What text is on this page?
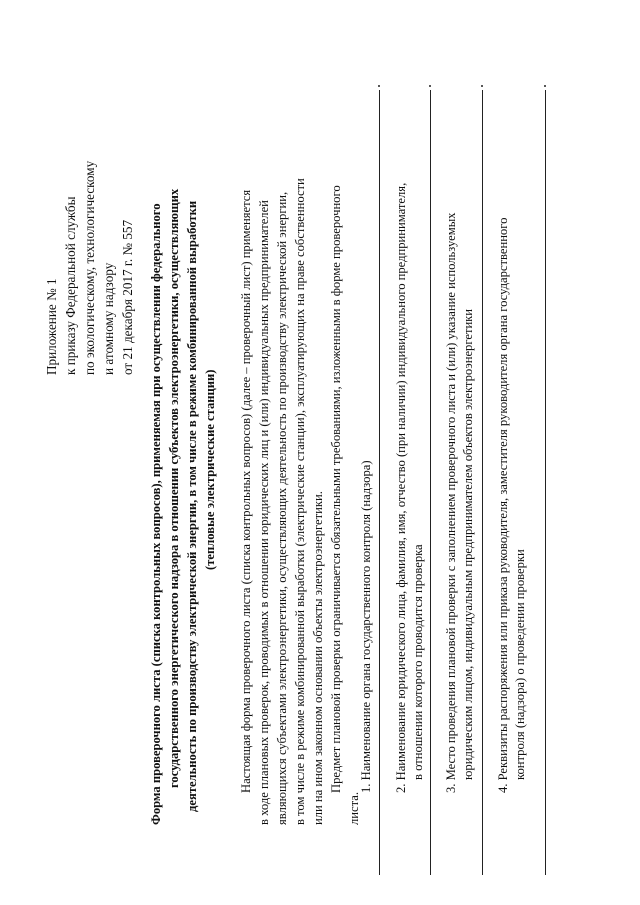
Приложение № 1 к приказу Федеральной службы по экологическому, технологическому и атомному надзору от 21 декабря 2017 г. № 557 Форма проверочного листа (списка контрольных вопросов), применяемая при осуществлении федерального государственного энергетического надзора в отношении субъектов электроэнергетики, осуществляющих деятельность по производству электрической энергии, в том числе в режиме комбинированной выработки (тепловые электрические станции) Настоящая форма проверочного листа (списка контрольных вопросов) (далее – проверочный лист) применяется в ходе плановых проверок, проводимых в отношении юридических лиц и (или) индивидуальных предпринимателей являющихся субъектами электроэнергетики, осуществляющих деятельность по производству электрической энергии, в том числе в режиме комбинированной выработки (электрические станции), эксплуатирующих на праве собственности или на ином законном основании объекты электроэнергетики. Предмет плановой проверки ограничивается обязательными требованиями, изложенными в форме проверочного
листа.
1. Наименование органа государственного контроля (надзора) 2. Наименование юридического лица, фамилия, имя, отчество (при наличии) индивидуального предпринимателя, в отношении которого проводится проверка 3. Место проведения плановой проверки с заполнением проверочного листа и (или) указание используемых юридическим лицом, индивидуальным предпринимателем объектов электроэнергетики 4. Реквизиты распоряжения или приказа руководителя, заместителя руководителя органа государственного контроля (надзора) о проведении проверки
